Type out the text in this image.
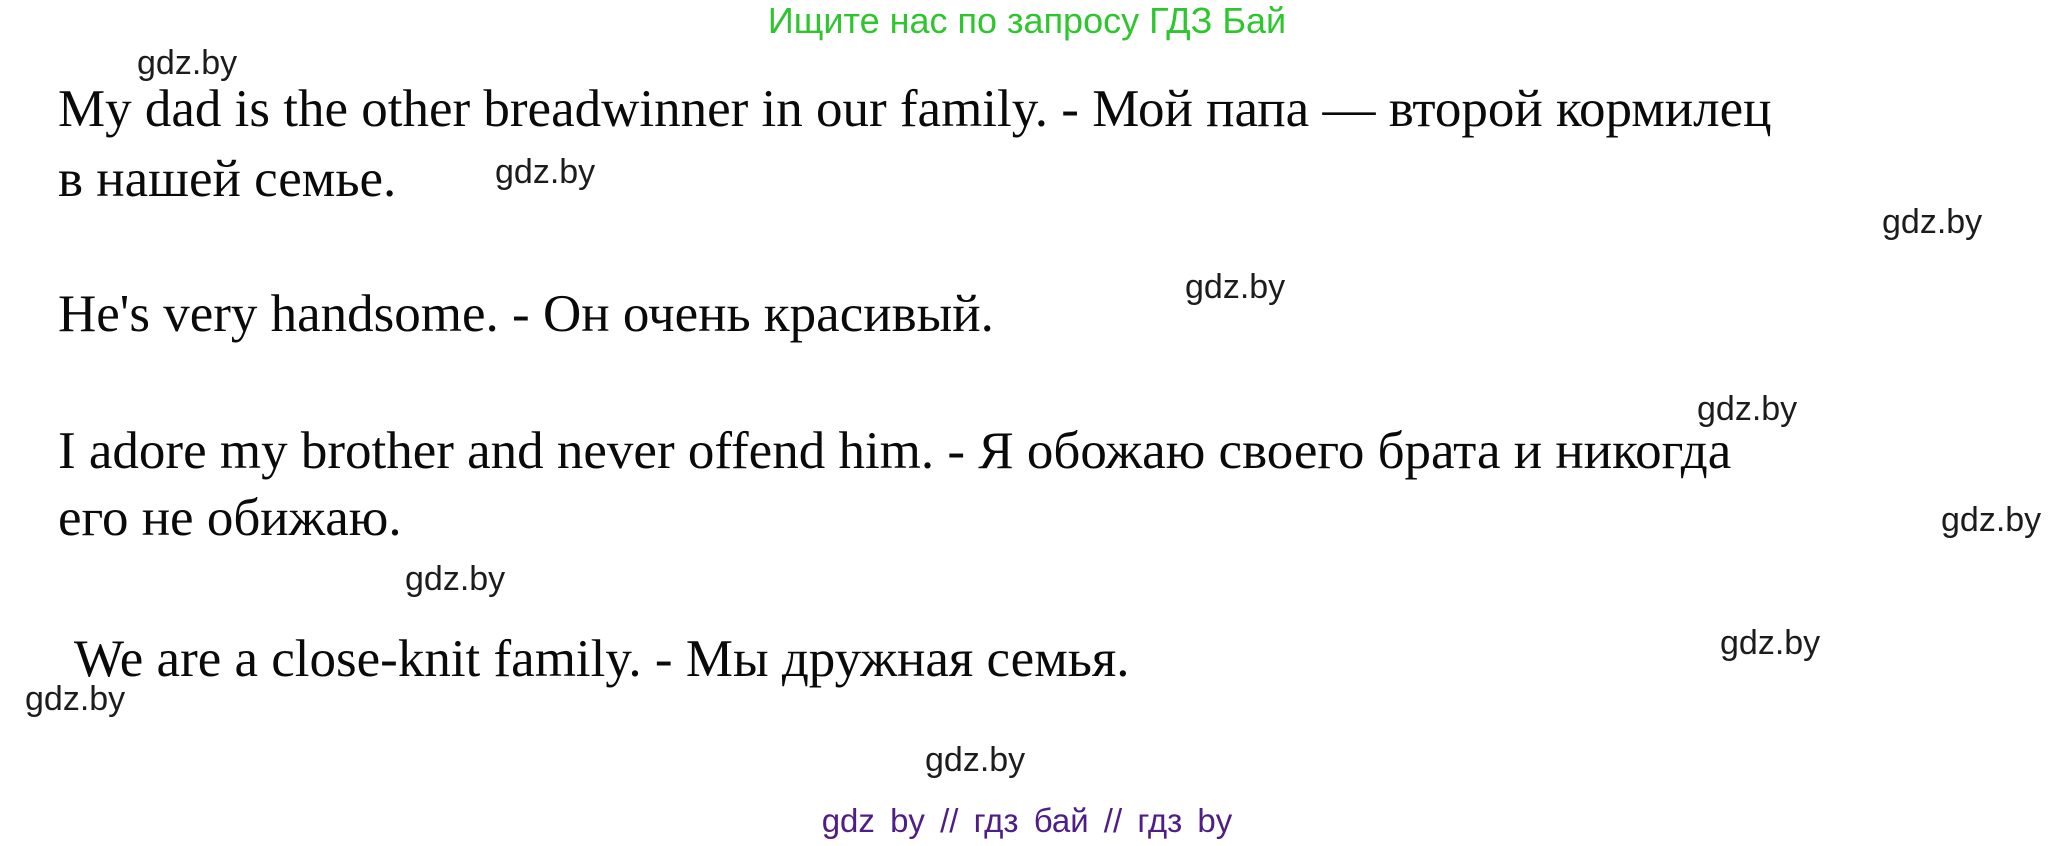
Ищите нас по запросу ГДЗ Бай
My dad is the other breadwinner in our family. - Мой папа — второй кормилец
в нашей семье.
He's very handsome. - Он очень красивый.
I adore my brother and never offend him. - Я обожаю своего брата и никогда
его не обижаю.
We are a close-knit family. - Мы дружная семья.
gdz.by
gdz.by
gdz.by
gdz.by
gdz.by
gdz.by
gdz.by
gdz.by
gdz.by
gdz.by
gdz by // гдз бай // гдз by
